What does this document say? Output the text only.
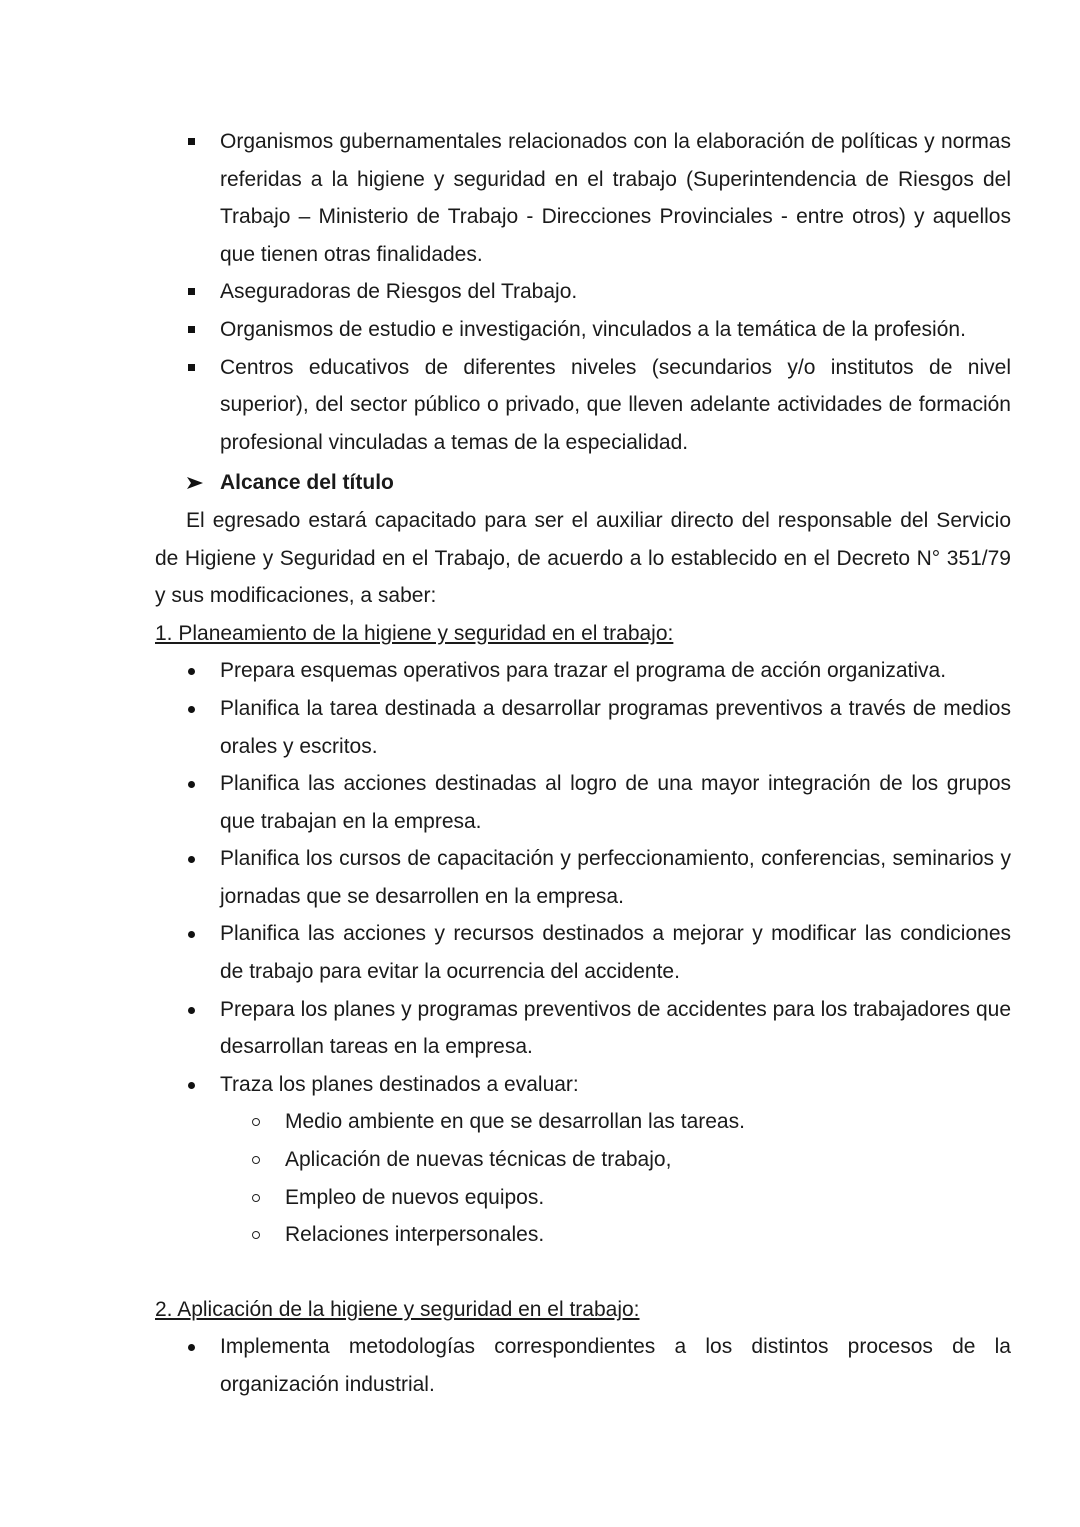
Organismos gubernamentales relacionados con la elaboración de políticas y normas referidas a la higiene y seguridad en el trabajo (Superintendencia de Riesgos del Trabajo – Ministerio de Trabajo - Direcciones Provinciales - entre otros) y aquellos que tienen otras finalidades.
Aseguradoras de Riesgos del Trabajo.
Organismos de estudio e investigación, vinculados a la temática de la profesión.
Centros educativos de diferentes niveles (secundarios y/o institutos de nivel superior), del sector público o privado, que lleven adelante actividades de formación profesional vinculadas a temas de la especialidad.
Alcance del título
El egresado estará capacitado para ser el auxiliar directo del responsable del Servicio de Higiene y Seguridad en el Trabajo, de acuerdo a lo establecido en el Decreto N° 351/79 y sus modificaciones, a saber:
1. Planeamiento de la higiene y seguridad en el trabajo:
Prepara esquemas operativos para trazar el programa de acción organizativa.
Planifica la tarea destinada a desarrollar programas preventivos a través de medios orales y escritos.
Planifica las acciones destinadas al logro de una mayor integración de los grupos que trabajan en la empresa.
Planifica los cursos de capacitación y perfeccionamiento, conferencias, seminarios y jornadas que se desarrollen en la empresa.
Planifica las acciones y recursos destinados a mejorar y modificar las condiciones de trabajo para evitar la ocurrencia del accidente.
Prepara los planes y programas preventivos de accidentes para los trabajadores que desarrollan tareas en la empresa.
Traza los planes destinados a evaluar:
Medio ambiente en que se desarrollan las tareas.
Aplicación de nuevas técnicas de trabajo,
Empleo de nuevos equipos.
Relaciones interpersonales.
2. Aplicación de la higiene y seguridad en el trabajo:
Implementa metodologías correspondientes a los distintos procesos de la organización industrial.
